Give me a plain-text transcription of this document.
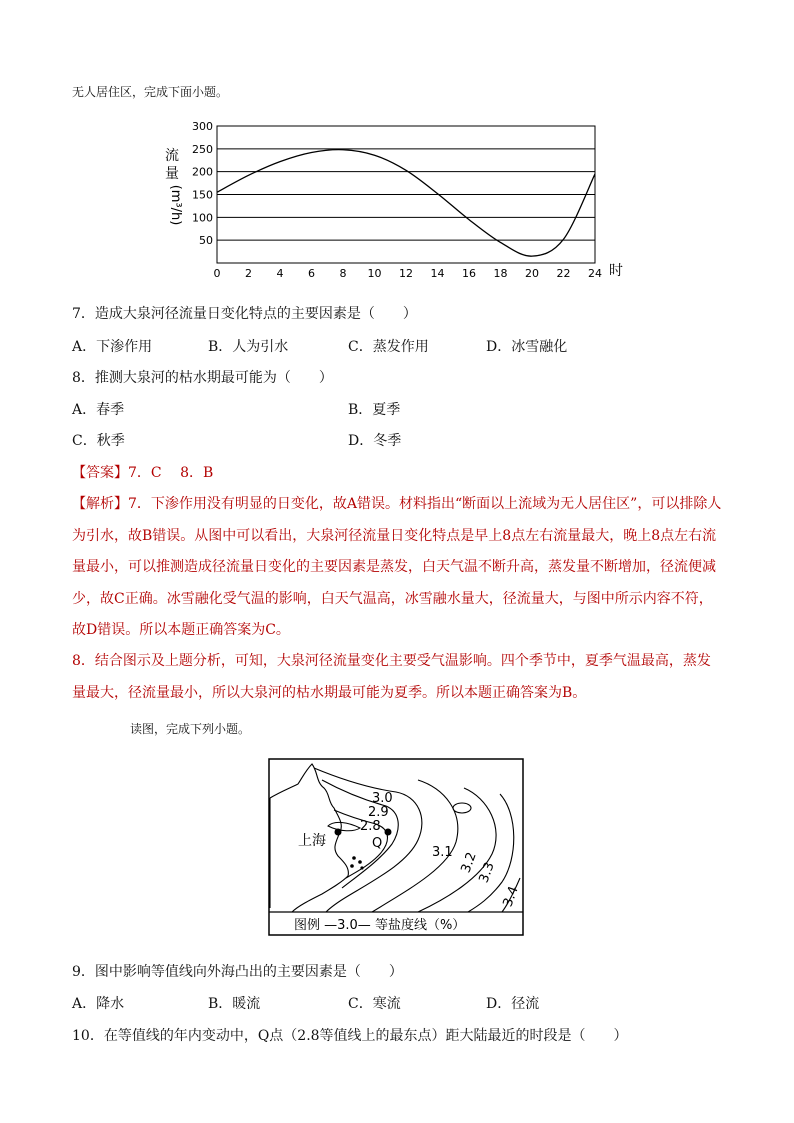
无人居住区，完成下面小题。
50
100
150
200
250
300
0 2 4 6 8 10 12 14 16 18 20 22 24
流
量
(m³/h)
时
7．造成大泉河径流量日变化特点的主要因素是（　　）
A．下渗作用	B．人为引水	C．蒸发作用	D．冰雪融化
8．推测大泉河的枯水期最可能为（　　）
A．春季	B．夏季
C．秋季	D．冬季
【答案】7．C　 8．B
【解析】7．下渗作用没有明显的日变化，故A错误。材料指出“断面以上流域为无人居住区”，可以排除人为引水，故B错误。从图中可以看出，大泉河径流量日变化特点是早上8点左右流量最大，晚上8点左右流量最小，可以推测造成径流量日变化的主要因素是蒸发，白天气温不断升高，蒸发量不断增加，径流便减少，故C正确。冰雪融化受气温的影响，白天气温高，冰雪融水量大，径流量大，与图中所示内容不符，故D错误。所以本题正确答案为C。
8．结合图示及上题分析，可知，大泉河径流量变化主要受气温影响。四个季节中，夏季气温最高，蒸发量最大，径流量最小，所以大泉河的枯水期最可能为夏季。所以本题正确答案为B。
读图，完成下列小题。
上海
3.0
2.9
2.8
Q
3.1 3.2
3.3
3.4
图例 —3.0— 等盐度线（%）
9．图中影响等值线向外海凸出的主要因素是（　　）
A．降水	B．暖流	C．寒流	D．径流
10．在等值线的年内变动中，Q点（2.8等值线上的最东点）距大陆最近的时段是（　　）
